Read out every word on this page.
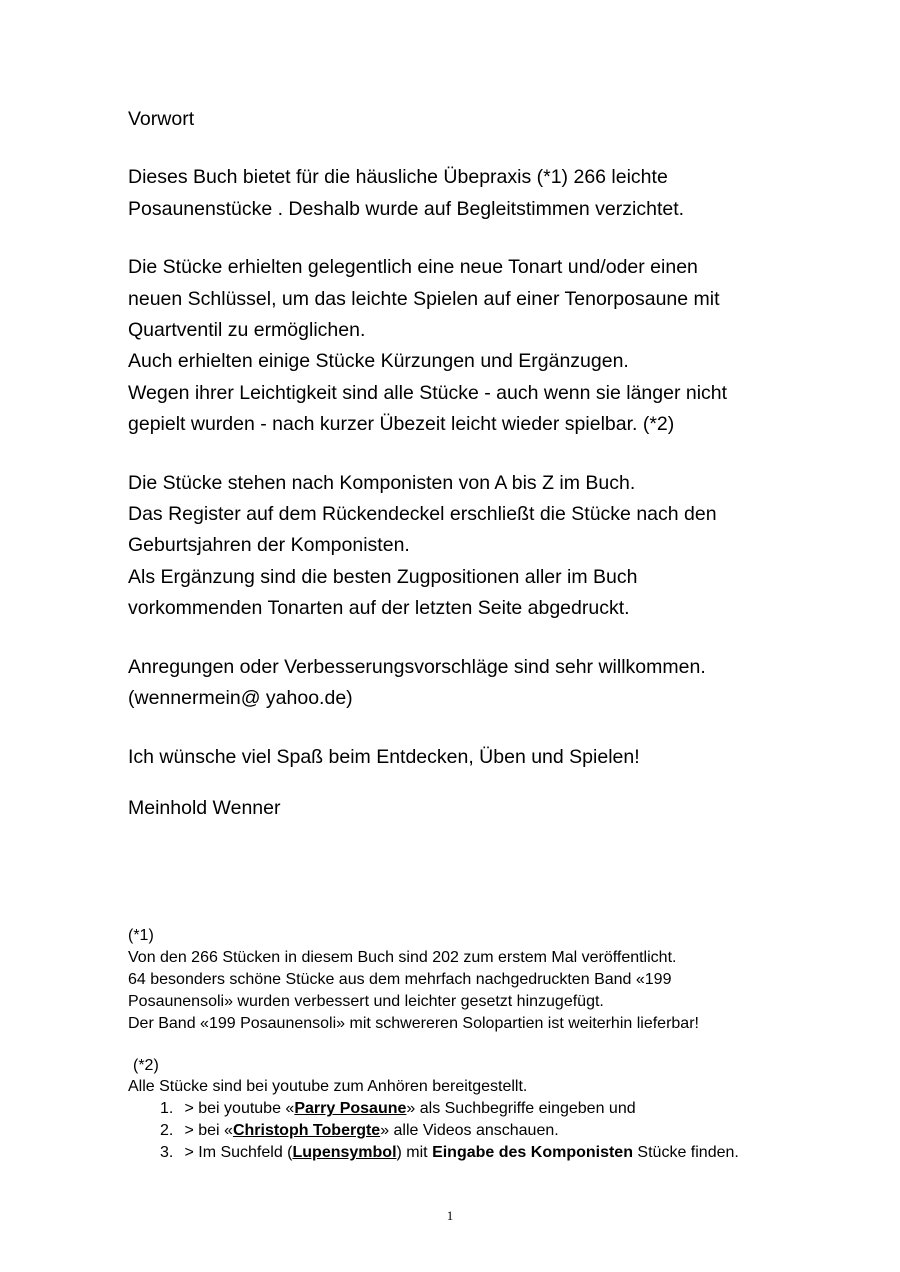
Vorwort

Dieses Buch bietet für die häusliche Übepraxis (*1) 266 leichte
Posaunenstücke . Deshalb wurde auf Begleitstimmen verzichtet.

Die Stücke erhielten gelegentlich eine neue Tonart und/oder einen
neuen Schlüssel, um das leichte Spielen auf einer Tenorposaune mit
Quartventil zu ermöglichen.
Auch erhielten einige Stücke Kürzungen und Ergänzugen.
Wegen ihrer Leichtigkeit sind alle Stücke - auch wenn sie länger nicht
gepielt wurden - nach kurzer Übezeit leicht wieder spielbar. (*2)

Die Stücke stehen nach Komponisten von A bis Z im Buch.
Das Register auf dem Rückendeckel erschließt die Stücke nach den
Geburtsjahren der Komponisten.
Als Ergänzung sind die besten Zugpositionen aller im Buch
vorkommenden Tonarten auf der letzten Seite abgedruckt.

Anregungen oder Verbesserungsvorschläge sind sehr willkommen.
(wennermein@ yahoo.de)

Ich wünsche viel Spaß beim Entdecken, Üben und Spielen!

Meinhold Wenner

(*1)

Von den 266 Stücken in diesem Buch sind 202 zum erstem Mal veröffentlicht.

64 besonders schöne Stücke aus dem mehrfach nachgedruckten Band «199

Posaunensoli» wurden verbessert und leichter gesetzt hinzugefügt.

Der Band «199 Posaunensoli» mit schwereren Solopartien ist weiterhin lieferbar!

(*2)

Alle Stücke sind bei youtube zum Anhören bereitgestellt.

1. > bei youtube «Parry Posaune» als Suchbegriffe eingeben und
2. > bei «Christoph Tobergte» alle Videos anschauen.
3. > Im Suchfeld (Lupensymbol) mit Eingabe des Komponisten Stücke finden.
1
